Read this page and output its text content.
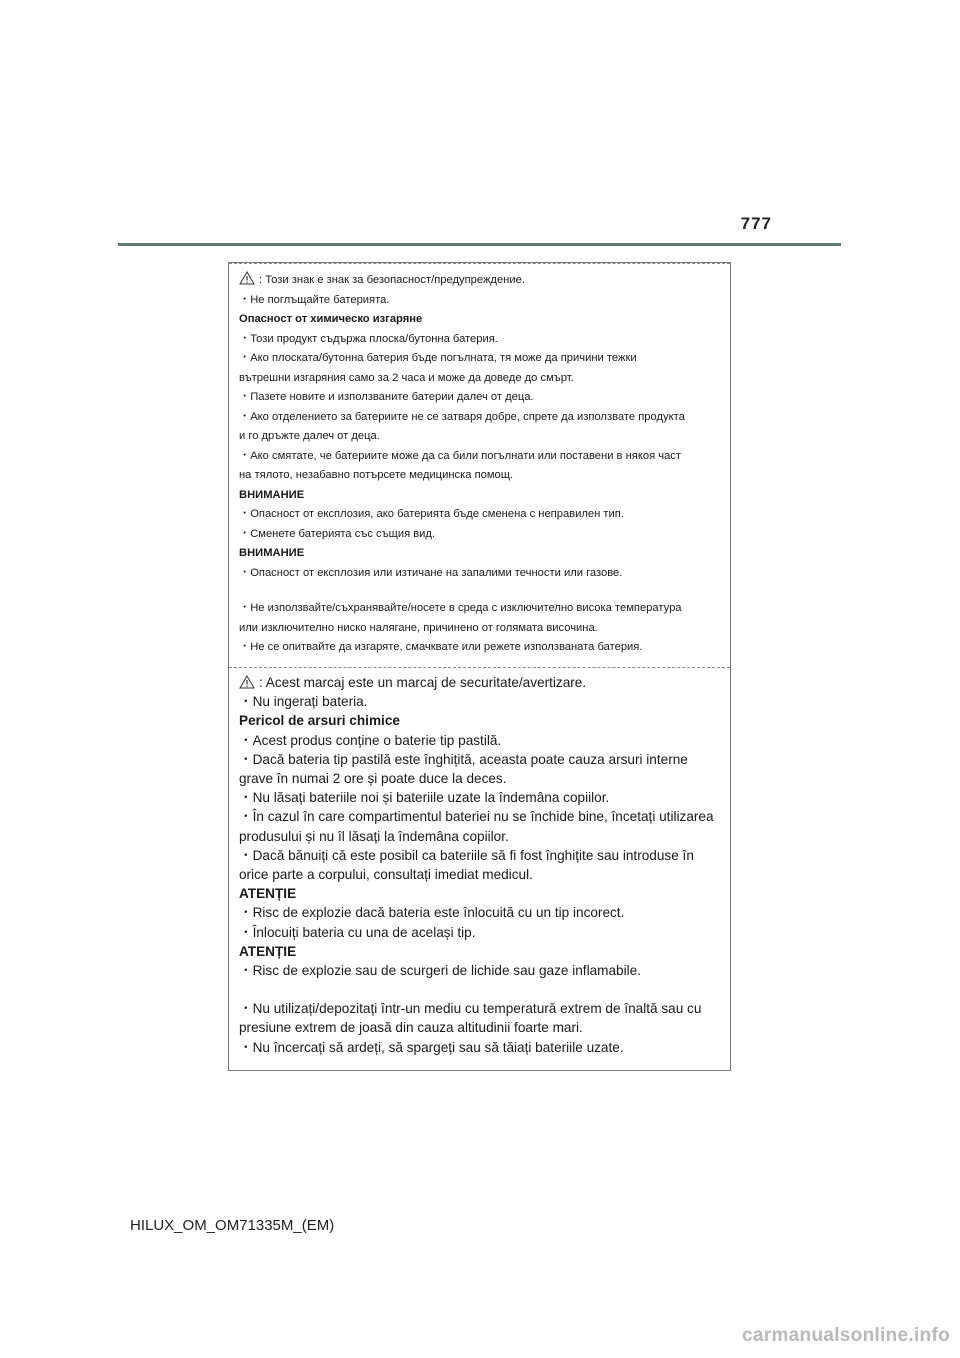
777
: Този знак е знак за безопасност/предупреждение.
・Не поглъщайте батерията.
Опасност от химическо изгаряне
・Този продукт съдържа плоска/бутонна батерия.
・Ако плоската/бутонна батерия бъде погълната, тя може да причини тежки
вътрешни изгаряния само за 2 часа и може да доведе до смърт.
・Пазете новите и използваните батерии далеч от деца.
・Ако отделението за батериите не се затваря добре, спрете да използвате продукта
и го дръжте далеч от деца.
・Ако смятате, че батериите може да са били погълнати или поставени в някоя част
на тялото, незабавно потърсете медицинска помощ.
ВНИМАНИЕ
・Опасност от експлозия, ако батерията бъде сменена с неправилен тип.
・Сменете батерията със същия вид.
ВНИМАНИЕ
・Опасност от експлозия или изтичане на запалими течности или газове.
・Не използвайте/съхранявайте/носете в среда с изключително висока температура
или изключително ниско налягане, причинено от голямата височина.
・Не се опитвайте да изгаряте, смачквате или режете използваната батерия.
: Acest marcaj este un marcaj de securitate/avertizare.
・Nu ingerați bateria.
Pericol de arsuri chimice
・Acest produs conține o baterie tip pastilă.
・Dacă bateria tip pastilă este înghițită, aceasta poate cauza arsuri interne
grave în numai 2 ore și poate duce la deces.
・Nu lăsați bateriile noi și bateriile uzate la îndemâna copiilor.
・În cazul în care compartimentul bateriei nu se închide bine, încetați utilizarea
produsului și nu îl lăsați la îndemâna copiilor.
・Dacă bănuiți că este posibil ca bateriile să fi fost înghițite sau introduse în
orice parte a corpului, consultați imediat medicul.
ATENȚIE
・Risc de explozie dacă bateria este înlocuită cu un tip incorect.
・Înlocuiți bateria cu una de același tip.
ATENȚIE
・Risc de explozie sau de scurgeri de lichide sau gaze inflamabile.
・Nu utilizați/depozitați într-un mediu cu temperatură extrem de înaltă sau cu
presiune extrem de joasă din cauza altitudinii foarte mari.
・Nu încercați să ardeți, să spargeți sau să tăiați bateriile uzate.
HILUX_OM_OM71335M_(EM)
carmanualsonline.info
